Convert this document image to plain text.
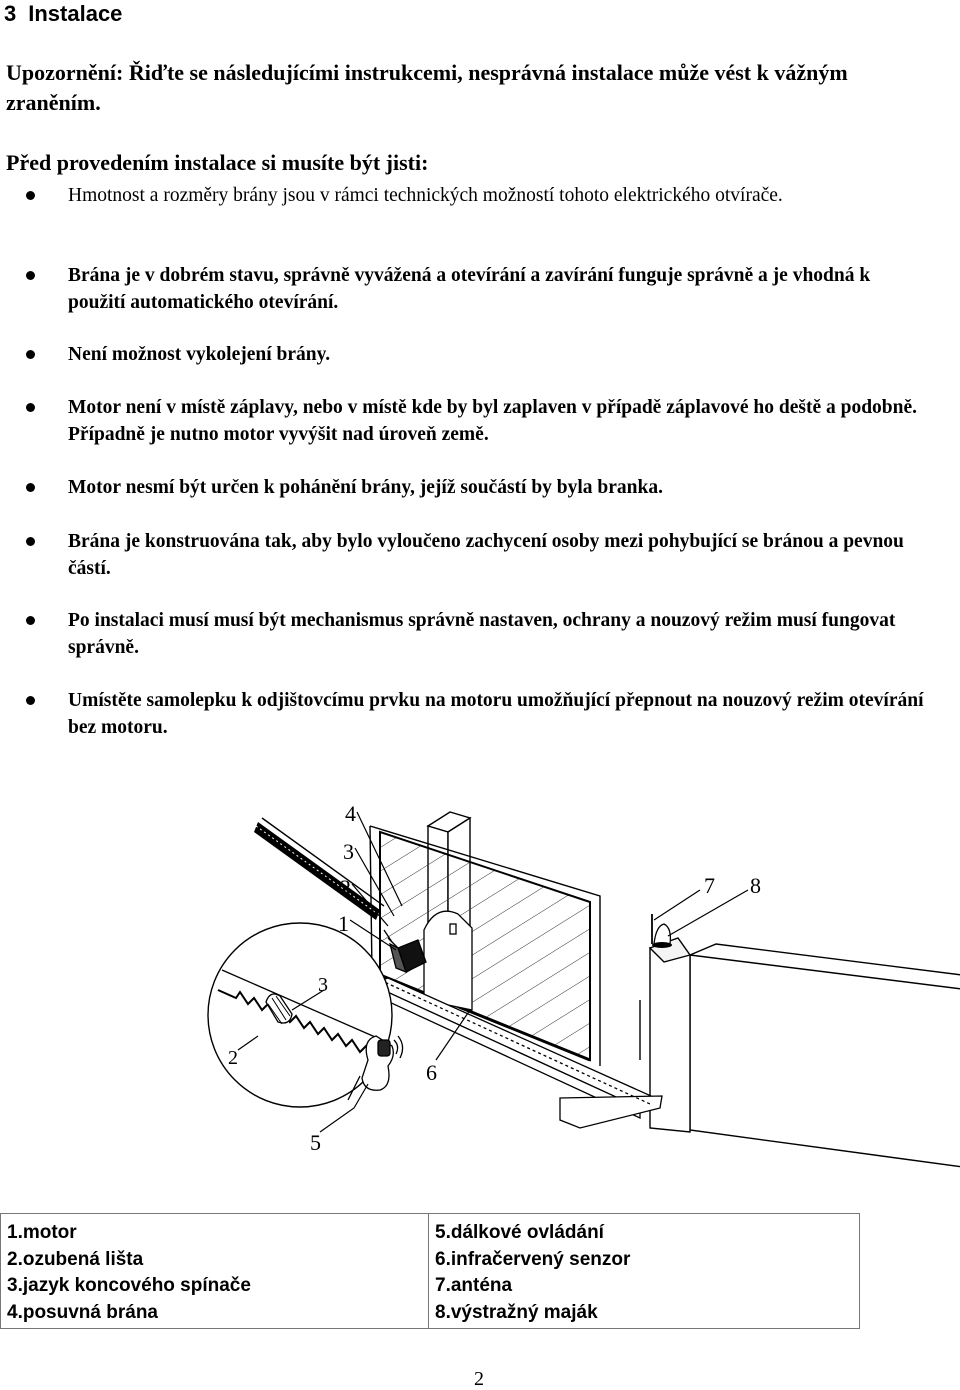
3 Instalace

Upozornění: Řiďte se následujícími instrukcemi, nesprávná instalace může vést k vážným zraněním.

Před provedením instalace si musíte být jisti:

Hmotnost a rozměry brány jsou v rámci technických možností tohoto elektrického otvírače.
Brána je v dobrém stavu, správně vyvážená a otevírání a zavírání funguje správně a je vhodná k použití automatického otevírání.
Není možnost vykolejení brány.
Motor není v místě záplavy, nebo v místě kde by byl zaplaven v případě záplavové ho deště a podobně. Případně je nutno motor vyvýšit nad úroveň země.
Motor nesmí být určen k pohánění brány, jejíž součástí by byla branka.
Brána je konstruována tak, aby bylo vyloučeno zachycení osoby mezi pohybující se bránou a pevnou částí.
Po instalaci musí musí být mechanismus správně nastaven, ochrany a nouzový režim musí fungovat správně.
Umístěte samolepku k odjištovcímu prvku na motoru umožňující přepnout na nouzový režim otevírání bez motoru.
1
2
3
4
5
6
7 8
2
3
1.motor
2.ozubená lišta
3.jazyk koncového spínače
4.posuvná brána
5.dálkové ovládání
6.infračervený senzor
7.anténa
8.výstražný maják
2
